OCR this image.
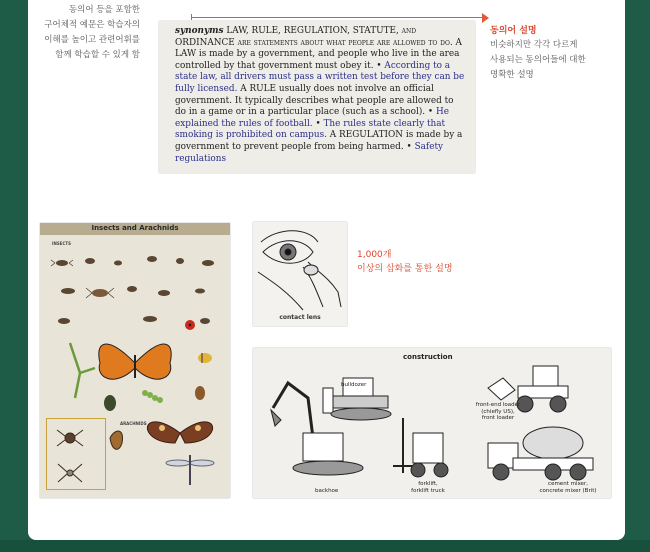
동의어 등을 포함한
구어체적 예문은 학습자의
이해를 높이고 관련어휘를
함께 학습할 수 있게 함
synonyms LAW, RULE, REGULATION, STATUTE, and ORDINANCE are statements about what people are allowed to do. A LAW is made by a government, and people who live in the area controlled by that government must obey it. • According to a state law, all drivers must pass a written test before they can be fully licensed. A RULE usually does not involve an official government. It typically describes what people are allowed to do in a game or in a particular place (such as a school). • He explained the rules of football. • The rules state clearly that smoking is prohibited on campus. A REGULATION is made by a government to prevent people from being harmed. • Safety regulations
동의어 설명
비슷하지만 각각 다르게
사용되는 동의어들에 대한
명확한 설명
Insects and Arachnids
INSECTS
ARACHNIDS
contact lens
1,000개
이상의 삽화를 통한 설명
construction
bulldozer
front-end loader
(chiefly US),
front loader
backhoe
forklift,
forklift truck
cement mixer,
concrete mixer (Brit)
